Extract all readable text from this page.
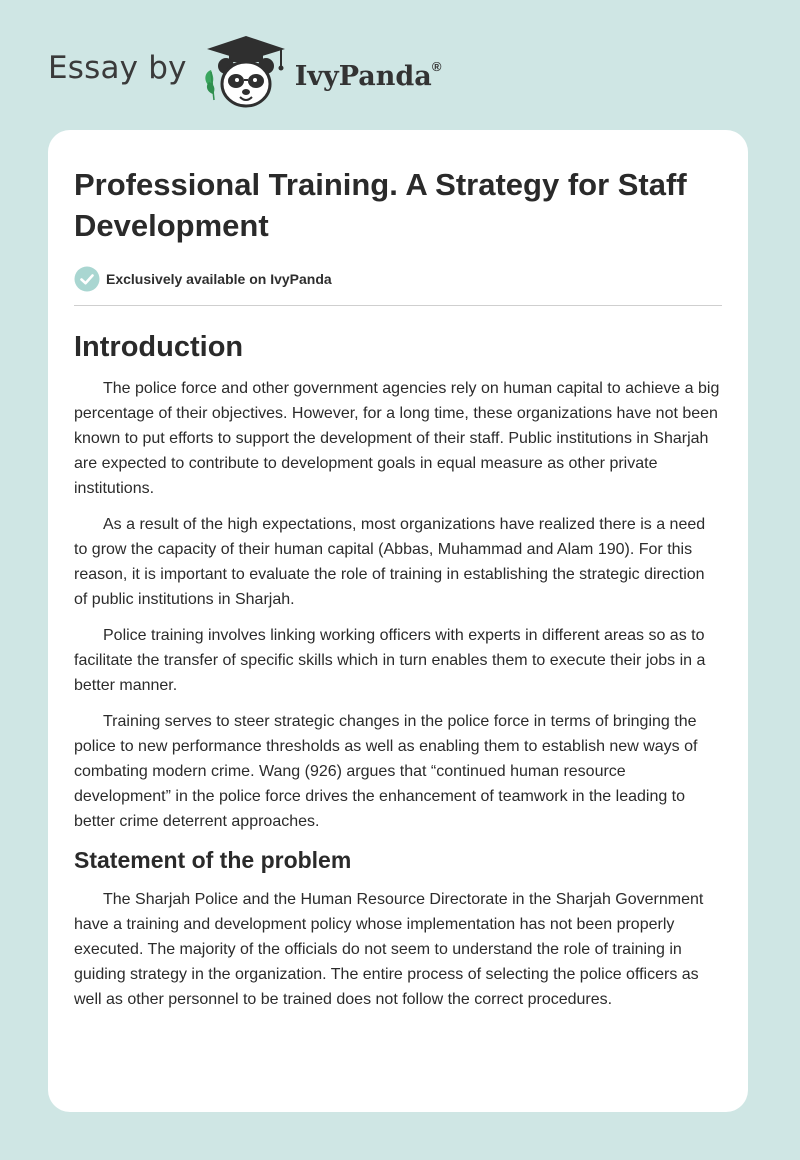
Essay by	IvyPanda®
Professional Training. A Strategy for Staff Development
Exclusively available on IvyPanda
Introduction

The police force and other government agencies rely on human capital to achieve a big percentage of their objectives. However, for a long time, these organizations have not been known to put efforts to support the development of their staff. Public institutions in Sharjah are expected to contribute to development goals in equal measure as other private institutions.

As a result of the high expectations, most organizations have realized there is a need to grow the capacity of their human capital (Abbas, Muhammad and Alam 190). For this reason, it is important to evaluate the role of training in establishing the strategic direction of public institutions in Sharjah.

Police training involves linking working officers with experts in different areas so as to facilitate the transfer of specific skills which in turn enables them to execute their jobs in a better manner.

Training serves to steer strategic changes in the police force in terms of bringing the police to new performance thresholds as well as enabling them to establish new ways of combating modern crime. Wang (926) argues that “continued human resource development” in the police force drives the enhancement of teamwork in the leading to better crime deterrent approaches.

Statement of the problem

The Sharjah Police and the Human Resource Directorate in the Sharjah Government have a training and development policy whose implementation has not been properly executed. The majority of the officials do not seem to understand the role of training in guiding strategy in the organization. The entire process of selecting the police officers as well as other personnel to be trained does not follow the correct procedures.
